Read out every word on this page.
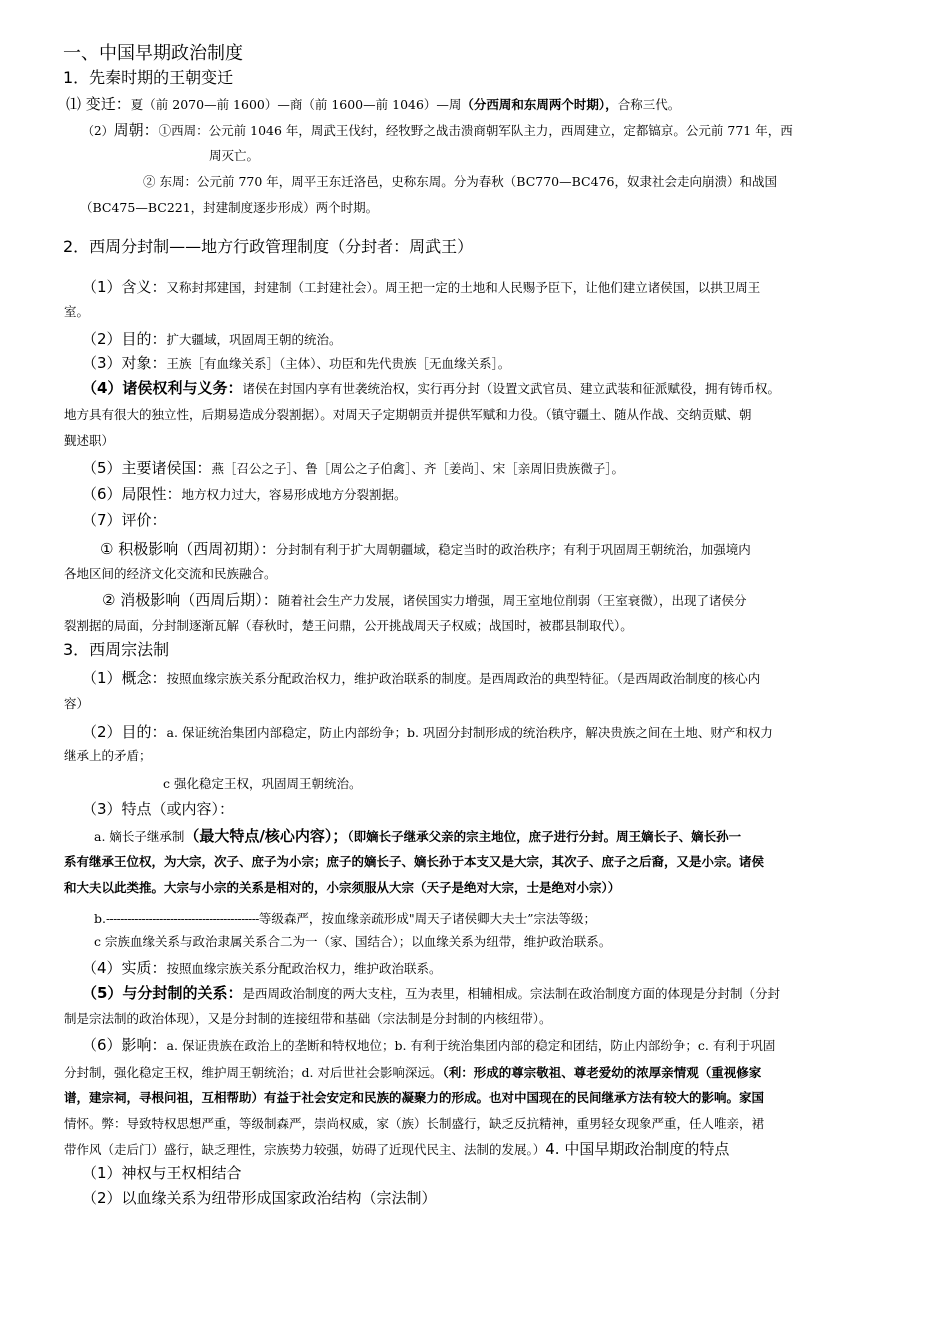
一、中国早期政治制度
1．先秦时期的王朝变迁
⑴ 变迁：夏（前 2070—前 1600）—商（前 1600—前 1046）—周（分西周和东周两个时期），合称三代。
（2）周朝：①西周：公元前 1046 年，周武王伐纣，经牧野之战击溃商朝军队主力，西周建立，定都镐京。公元前 771 年，西
周灭亡。
② 东周：公元前 770 年，周平王东迁洛邑，史称东周。分为春秋（BC770—BC476，奴隶社会走向崩溃）和战国
（BC475—BC221，封建制度逐步形成）两个时期。
2．西周分封制——地方行政管理制度（分封者：周武王）
（1）含义：又称封邦建国，封建制（工封建社会）。周王把一定的土地和人民赐予臣下，让他们建立诸侯国，以拱卫周王
室。
（2）目的：扩大疆域，巩固周王朝的统治。
（3）对象：王族［有血缘关系］（主体）、功臣和先代贵族［无血缘关系］。
（4）诸侯权利与义务：诸侯在封国内享有世袭统治权，实行再分封（设置文武官员、建立武装和征派赋役，拥有铸币权。
地方具有很大的独立性，后期易造成分裂割据）。对周天子定期朝贡并提供军赋和力役。（镇守疆土、随从作战、交纳贡赋、朝
觐述职）
（5）主要诸侯国：燕［召公之子］、鲁［周公之子伯禽］、齐［姜尚］、宋［亲周旧贵族微子］。
（6）局限性：地方权力过大，容易形成地方分裂割据。
（7）评价：
① 积极影响（西周初期）：分封制有利于扩大周朝疆域，稳定当时的政治秩序；有利于巩固周王朝统治，加强境内
各地区间的经济文化交流和民族融合。
② 消极影响（西周后期）：随着社会生产力发展，诸侯国实力增强，周王室地位削弱（王室衰微），出现了诸侯分
裂割据的局面，分封制逐渐瓦解（春秋时，楚王问鼎，公开挑战周天子权威；战国时，被郡县制取代）。
3．西周宗法制
（1）概念：按照血缘宗族关系分配政治权力，维护政治联系的制度。是西周政治的典型特征。（是西周政治制度的核心内
容）
（2）目的：a. 保证统治集团内部稳定，防止内部纷争；b. 巩固分封制形成的统治秩序，解决贵族之间在土地、财产和权力
继承上的矛盾；
c 强化稳定王权，巩固周王朝统治。
（3）特点（或内容）：
a. 嫡长子继承制（最大特点/核心内容）；（即嫡长子继承父亲的宗主地位，庶子进行分封。周王嫡长子、嫡长孙一
系有继承王位权，为大宗，次子、庶子为小宗；庶子的嫡长子、嫡长孙于本支又是大宗，其次子、庶子之后裔，又是小宗。诸侯
和大夫以此类推。大宗与小宗的关系是相对的，小宗须服从大宗（天子是绝对大宗，士是绝对小宗））
b.-------------------------------------------等级森严，按血缘亲疏形成"周天子诸侯卿大夫士”宗法等级；
c 宗族血缘关系与政治隶属关系合二为一（家、国结合）；以血缘关系为纽带，维护政治联系。
（4）实质：按照血缘宗族关系分配政治权力，维护政治联系。
（5）与分封制的关系：是西周政治制度的两大支柱，互为表里，相辅相成。宗法制在政治制度方面的体现是分封制（分封
制是宗法制的政治体现），又是分封制的连接纽带和基础（宗法制是分封制的内核纽带）。
（6）影响：a. 保证贵族在政治上的垄断和特权地位；b. 有利于统治集团内部的稳定和团结，防止内部纷争；c. 有利于巩固
分封制，强化稳定王权，维护周王朝统治；d. 对后世社会影响深远。（利：形成的尊宗敬祖、尊老爱幼的浓厚亲情观（重视修家
谱，建宗祠，寻根问祖，互相帮助）有益于社会安定和民族的凝聚力的形成。也对中国现在的民间继承方法有较大的影响。家国
情怀。弊：导致特权思想严重，等级制森严，崇尚权威，家（族）长制盛行，缺乏反抗精神，重男轻女现象严重，任人唯亲，裙
带作风（走后门）盛行，缺乏理性，宗族势力较强，妨碍了近现代民主、法制的发展。）4. 中国早期政治制度的特点
（1）神权与王权相结合
（2）以血缘关系为纽带形成国家政治结构（宗法制）
